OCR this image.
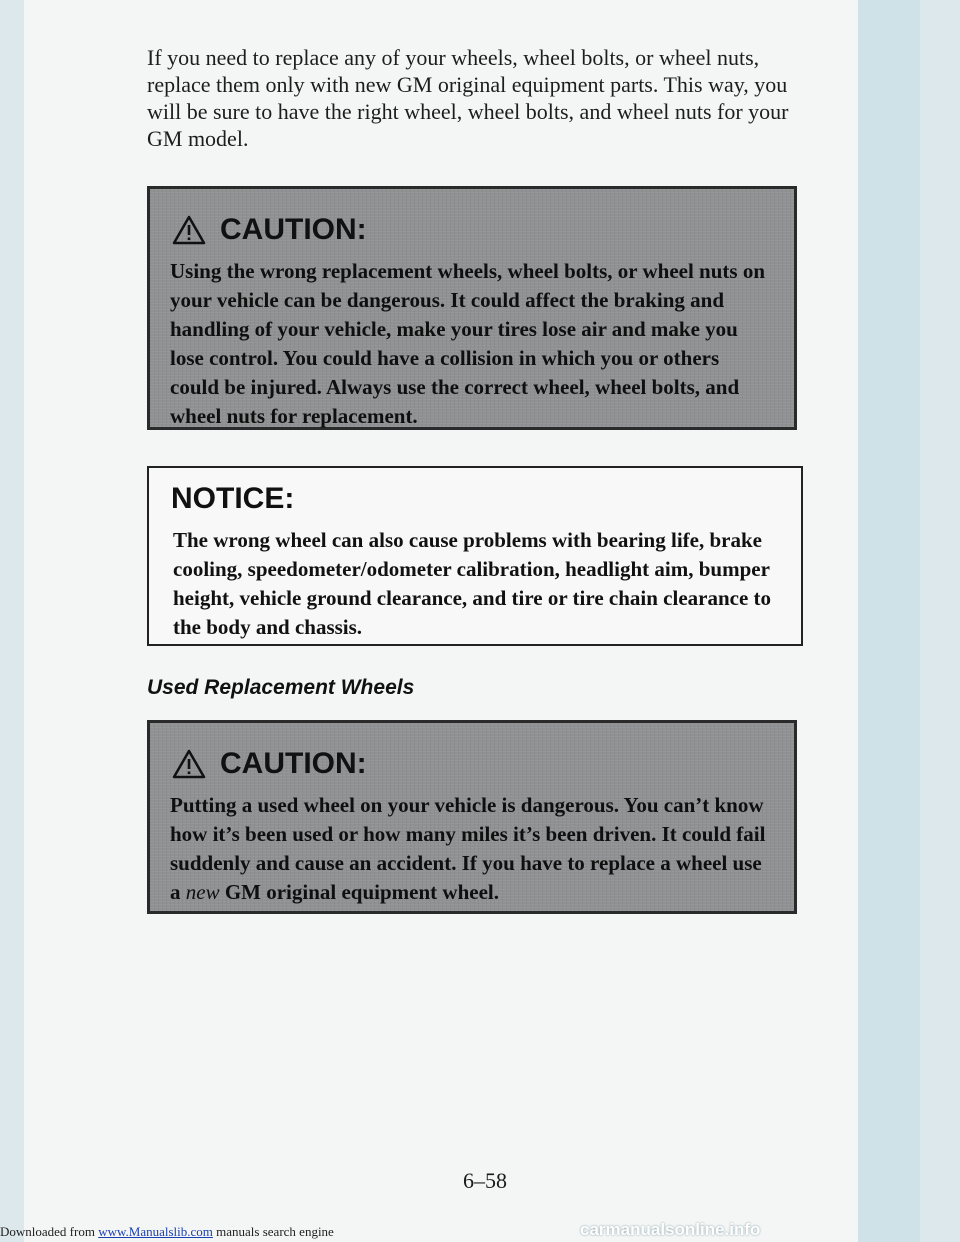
If you need to replace any of your wheels, wheel bolts, or wheel nuts, replace them only with new GM original equipment parts. This way, you will be sure to have the right wheel, wheel bolts, and wheel nuts for your GM model.

CAUTION:
Using the wrong replacement wheels, wheel bolts, or wheel nuts on your vehicle can be dangerous. It could affect the braking and handling of your vehicle, make your tires lose air and make you lose control. You could have a collision in which you or others could be injured. Always use the correct wheel, wheel bolts, and wheel nuts for replacement.
NOTICE:
The wrong wheel can also cause problems with bearing life, brake cooling, speedometer/odometer calibration, headlight aim, bumper height, vehicle ground clearance, and tire or tire chain clearance to the body and chassis.
Used Replacement Wheels
CAUTION:
Putting a used wheel on your vehicle is dangerous. You can’t know how it’s been used or how many miles it’s been driven. It could fail suddenly and cause an accident. If you have to replace a wheel use a new GM original equipment wheel.
6–58
Downloaded from www.Manualslib.com manuals search engine	carmanualsonline.info
